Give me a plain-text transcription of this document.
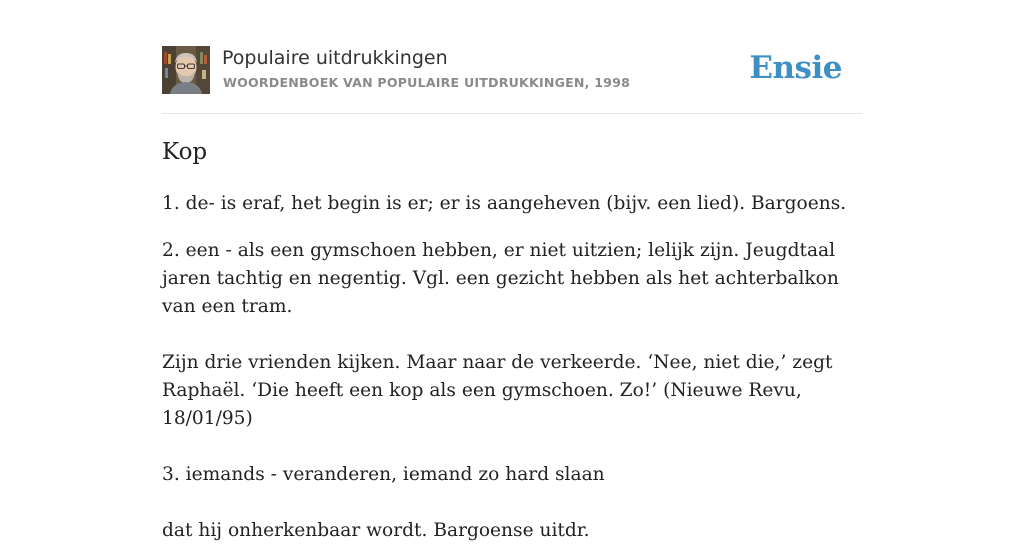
Populaire uitdrukkingen
WOORDENBOEK VAN POPULAIRE UITDRUKKINGEN, 1998	Ensie
Kop

1. de- is eraf, het begin is er; er is aangeheven (bijv. een lied). Bargoens.

2. een - als een gymschoen hebben, er niet uitzien; lelijk zijn. Jeugdtaal jaren tachtig en negentig. Vgl. een gezicht hebben als het achterbalkon van een tram.

Zijn drie vrienden kijken. Maar naar de verkeerde. ‘Nee, niet die,’ zegt Raphaël. ‘Die heeft een kop als een gymschoen. Zo!’ (Nieuwe Revu, 18/01/95)

3. iemands - veranderen, iemand zo hard slaan

dat hij onherkenbaar wordt. Bargoense uitdr.
